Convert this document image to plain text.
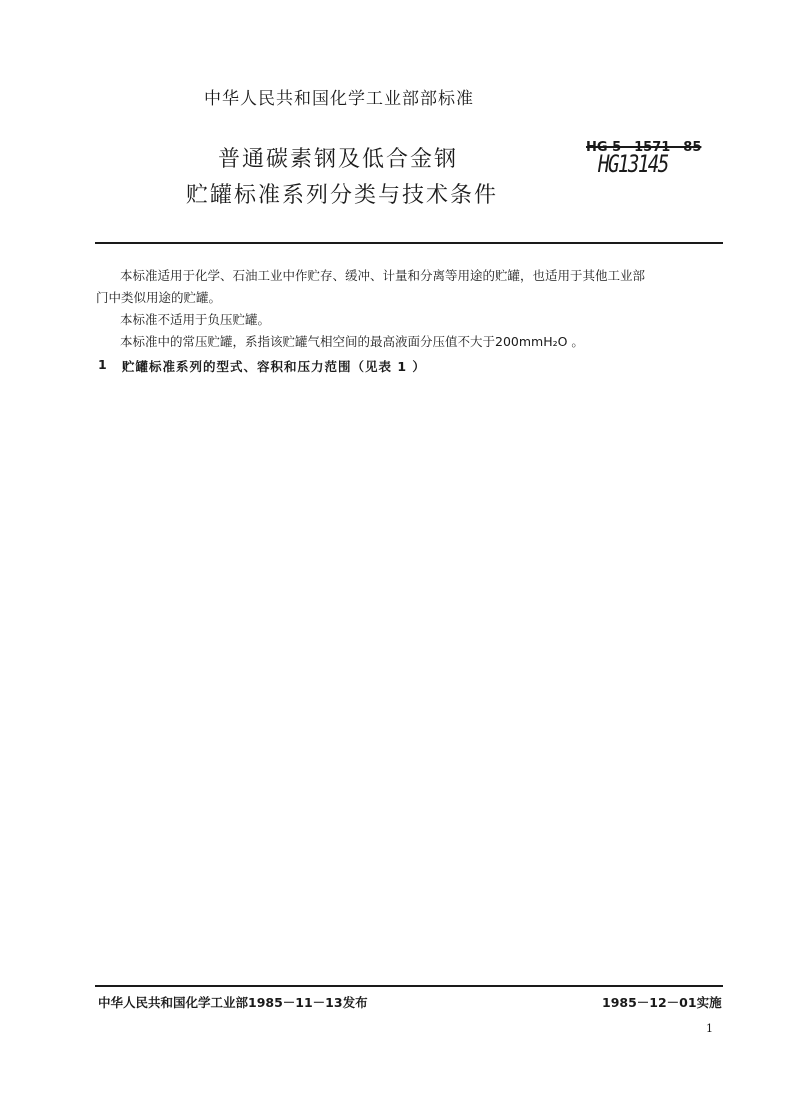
中华人民共和国化学工业部部标准
普通碳素钢及低合金钢
贮罐标准系列分类与技术条件
HG 5—1571—85
HG13145
本标准适用于化学、石油工业中作贮存、缓冲、计量和分离等用途的贮罐，也适用于其他工业部
门中类似用途的贮罐。
本标准不适用于负压贮罐。
本标准中的常压贮罐，系指该贮罐气相空间的最高液面分压值不大于200mmH₂O 。
1 贮罐标准系列的型式、容积和压力范围（见表 1 ）
中华人民共和国化学工业部1985－11－13发布	1985－12－01实施
1
